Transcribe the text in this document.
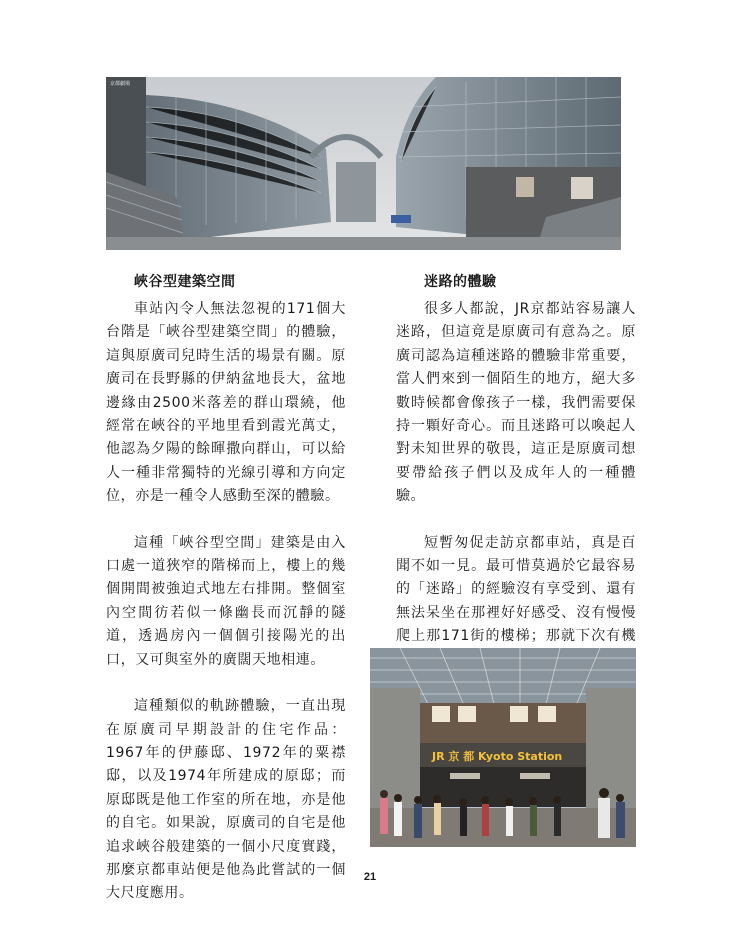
京都劇場
峽谷型建築空間

車站內令人無法忽視的171個大台階是「峽谷型建築空間」的體驗，這與原廣司兒時生活的場景有關。原廣司在長野縣的伊納盆地長大，盆地邊緣由2500米落差的群山環繞，他經常在峽谷的平地里看到霞光萬丈，他認為夕陽的餘暉撒向群山，可以給人一種非常獨特的光線引導和方向定位，亦是一種令人感動至深的體驗。

這種「峽谷型空間」建築是由入口處一道狹窄的階梯而上，樓上的幾個開間被強迫式地左右排開。整個室內空間彷若似一條幽長而沉靜的隧道，透過房內一個個引接陽光的出口，又可與室外的廣闊天地相連。

這種類似的軌跡體驗，一直出現在原廣司早期設計的住宅作品：1967年的伊藤邸、1972年的粟襟邸，以及1974年所建成的原邸；而原邸既是他工作室的所在地，亦是他的自宅。如果說，原廣司的自宅是他追求峽谷般建築的一個小尺度實踐，那麼京都車站便是他為此嘗試的一個大尺度應用。

迷路的體驗

很多人都說，JR京都站容易讓人迷路，但這竟是原廣司有意為之。原廣司認為這種迷路的體驗非常重要，當人們來到一個陌生的地方，絕大多數時候都會像孩子一樣，我們需要保持一顆好奇心。而且迷路可以喚起人對未知世界的敬畏，這正是原廣司想要帶給孩子們以及成年人的一種體驗。

短暫匆促走訪京都車站，真是百聞不如一見。最可惜莫過於它最容易的「迷路」的經驗沒有享受到、還有無法呆坐在那裡好好感受、沒有慢慢爬上那171街的樓梯；那就下次有機

JR 京 都 Kyoto Station
21
